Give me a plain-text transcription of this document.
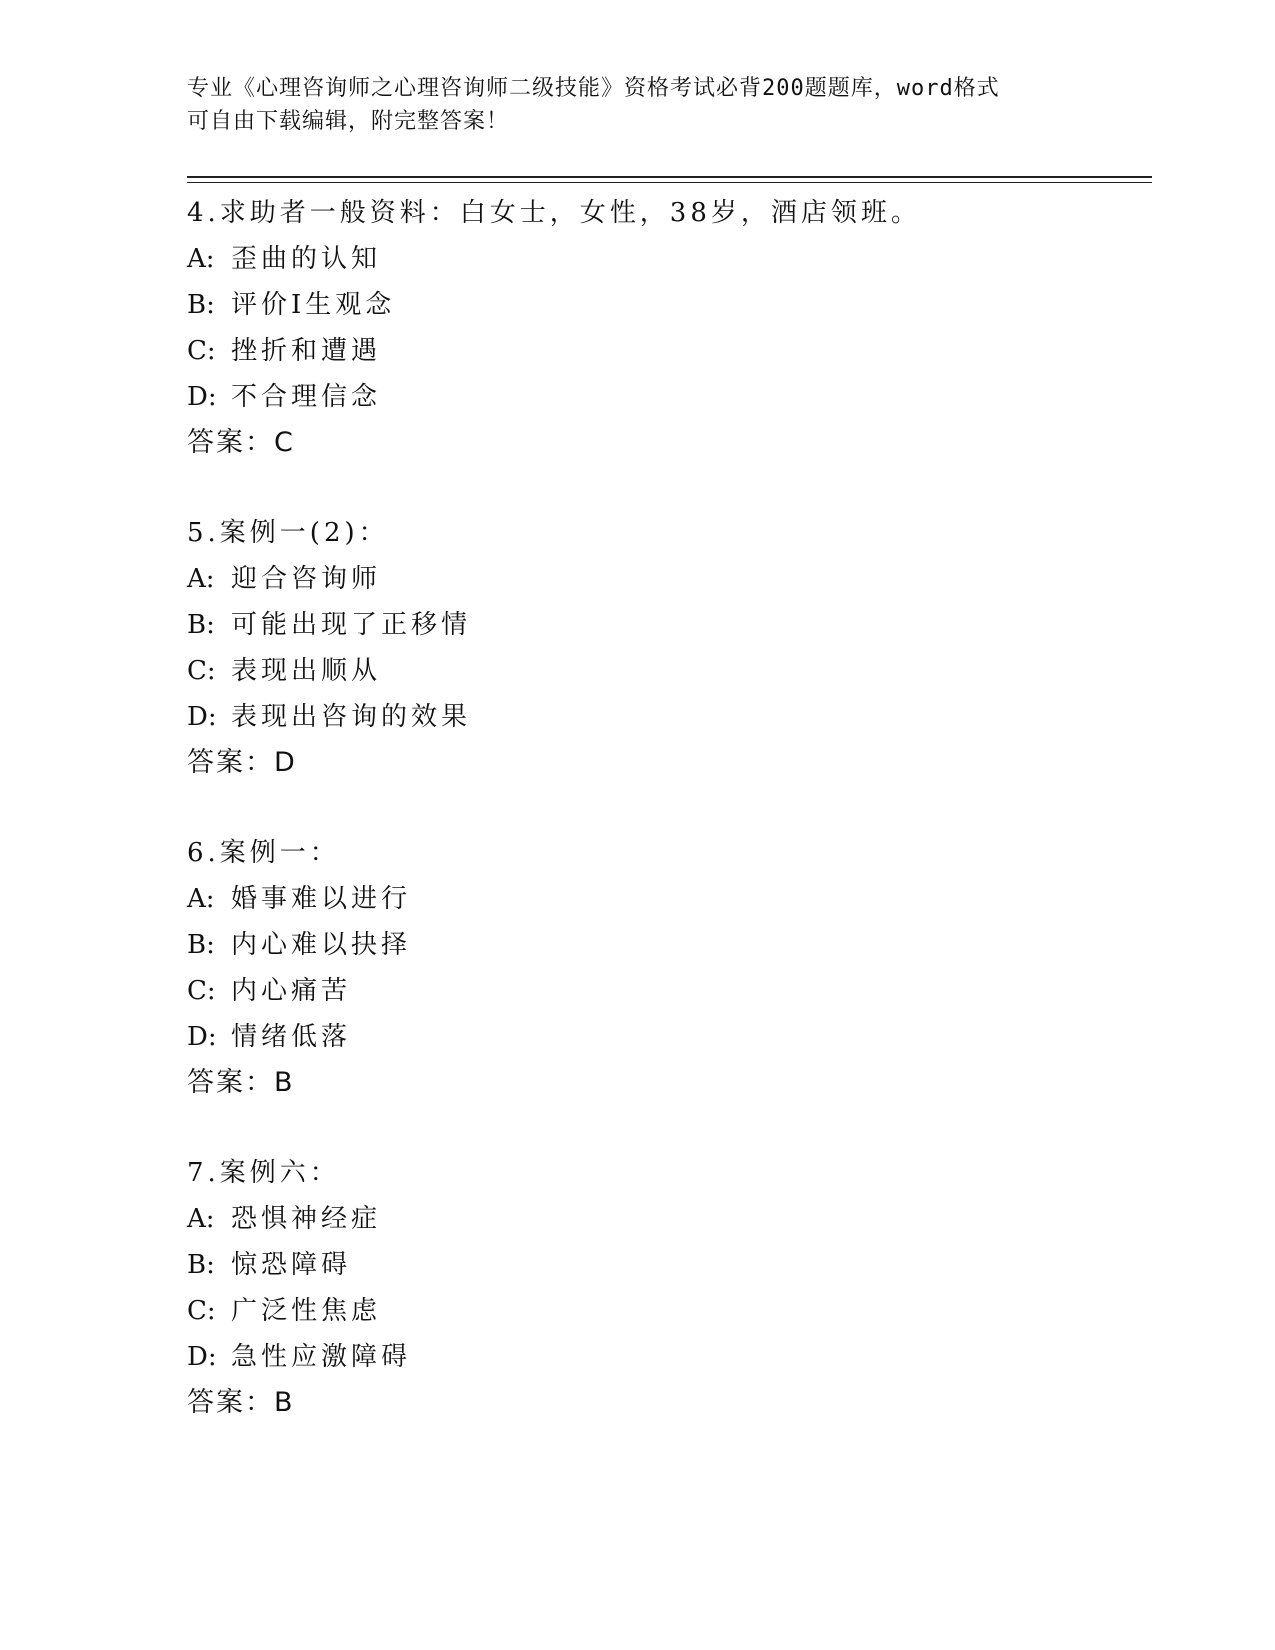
专业《心理咨询师之心理咨询师二级技能》资格考试必背200题题库，word格式
可自由下载编辑，附完整答案！
4.求助者一般资料：白女士，女性，38岁，酒店领班。
A: 歪曲的认知
B: 评价I生观念
C: 挫折和遭遇
D: 不合理信念
答案：C
5.案例一(2)：
A: 迎合咨询师
B: 可能出现了正移情
C: 表现出顺从
D: 表现出咨询的效果
答案：D
6.案例一：
A: 婚事难以进行
B: 内心难以抉择
C: 内心痛苦
D: 情绪低落
答案：B
7.案例六：
A: 恐惧神经症
B: 惊恐障碍
C: 广泛性焦虑
D: 急性应激障碍
答案：B
